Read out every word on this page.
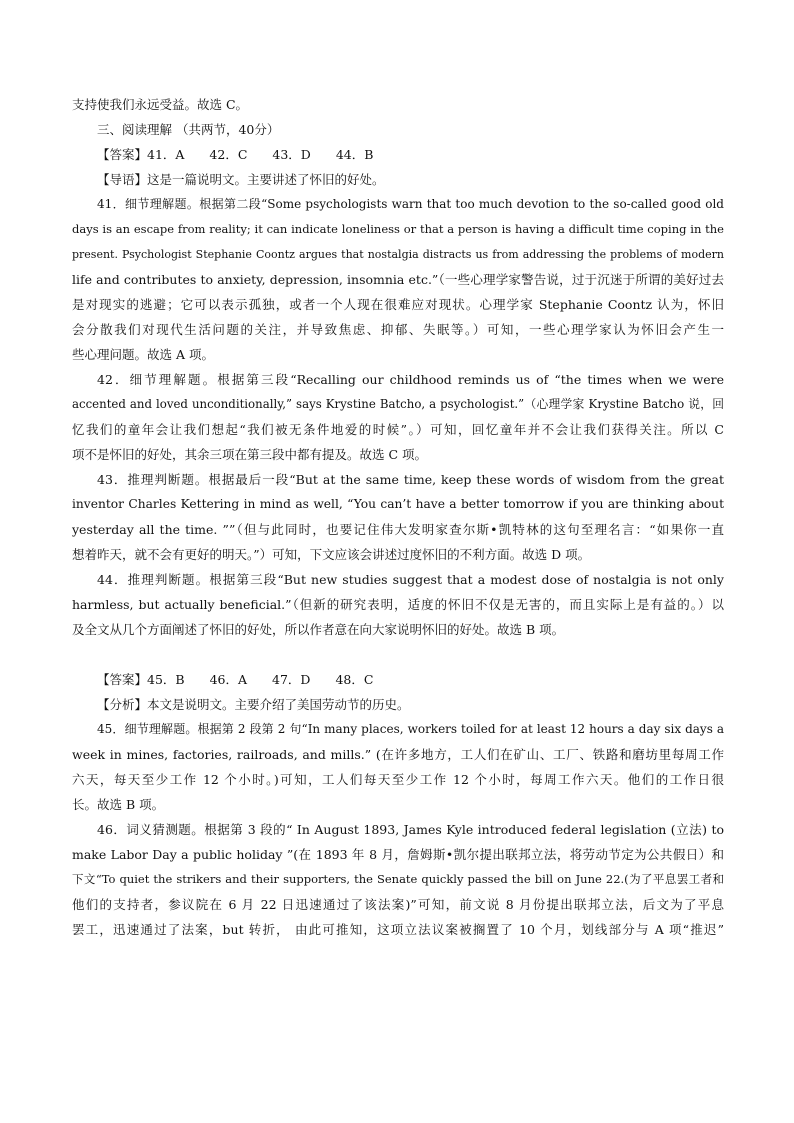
支持使我们永远受益。故选 C。

三、阅读理解 （共两节，40分）

【答案】41．A　　42．C　　43．D　　44．B

【导语】这是一篇说明文。主要讲述了怀旧的好处。

41．细节理解题。根据第二段“Some psychologists warn that too much devotion to the so-called good old

days is an escape from reality; it can indicate loneliness or that a person is having a difficult time coping in the

present. Psychologist Stephanie Coontz argues that nostalgia distracts us from addressing the problems of modern

life and contributes to anxiety, depression, insomnia etc.”（一些心理学家警告说，过于沉迷于所谓的美好过去

是对现实的逃避；它可以表示孤独，或者一个人现在很难应对现状。心理学家 Stephanie Coontz 认为，怀旧

会分散我们对现代生活问题的关注，并导致焦虑、抑郁、失眠等。）可知，一些心理学家认为怀旧会产生一

些心理问题。故选 A 项。

42．细节理解题。根据第三段“Recalling our childhood reminds us of “the times when we were

accented and loved unconditionally,” says Krystine Batcho, a psychologist.”（心理学家 Krystine Batcho 说，回

忆我们的童年会让我们想起“我们被无条件地爱的时候”。）可知，回忆童年并不会让我们获得关注。所以 C

项不是怀旧的好处，其余三项在第三段中都有提及。故选 C 项。

43．推理判断题。根据最后一段“But at the same time, keep these words of wisdom from the great

inventor Charles Kettering in mind as well, “You can’t have a better tomorrow if you are thinking about

yesterday all the time. ””（但与此同时，也要记住伟大发明家查尔斯•凯特林的这句至理名言：“如果你一直

想着昨天，就不会有更好的明天。”）可知，下文应该会讲述过度怀旧的不利方面。故选 D 项。

44．推理判断题。根据第三段“But new studies suggest that a modest dose of nostalgia is not only

harmless, but actually beneficial.”（但新的研究表明，适度的怀旧不仅是无害的，而且实际上是有益的。）以

及全文从几个方面阐述了怀旧的好处，所以作者意在向大家说明怀旧的好处。故选 B 项。

【答案】45．B　　46．A　　47．D　　48．C

【分析】本文是说明文。主要介绍了美国劳动节的历史。

45．细节理解题。根据第 2 段第 2 句“In many places, workers toiled for at least 12 hours a day six days a

week in mines, factories, railroads, and mills.” (在许多地方，工人们在矿山、工厂、铁路和磨坊里每周工作

六天，每天至少工作 12 个小时。)可知，工人们每天至少工作 12 个小时，每周工作六天。他们的工作日很

长。故选 B 项。

46．词义猜测题。根据第 3 段的“ In August 1893, James Kyle introduced federal legislation (立法) to

make Labor Day a public holiday ”(在 1893 年 8 月，詹姆斯•凯尔提出联邦立法，将劳动节定为公共假日）和

下文“To quiet the strikers and their supporters, the Senate quickly passed the bill on June 22.(为了平息罢工者和

他们的支持者，参议院在 6 月 22 日迅速通过了该法案)”可知，前文说 8 月份提出联邦立法，后文为了平息

罢工，迅速通过了法案，but 转折， 由此可推知，这项立法议案被搁置了 10 个月，划线部分与 A 项“推迟”
